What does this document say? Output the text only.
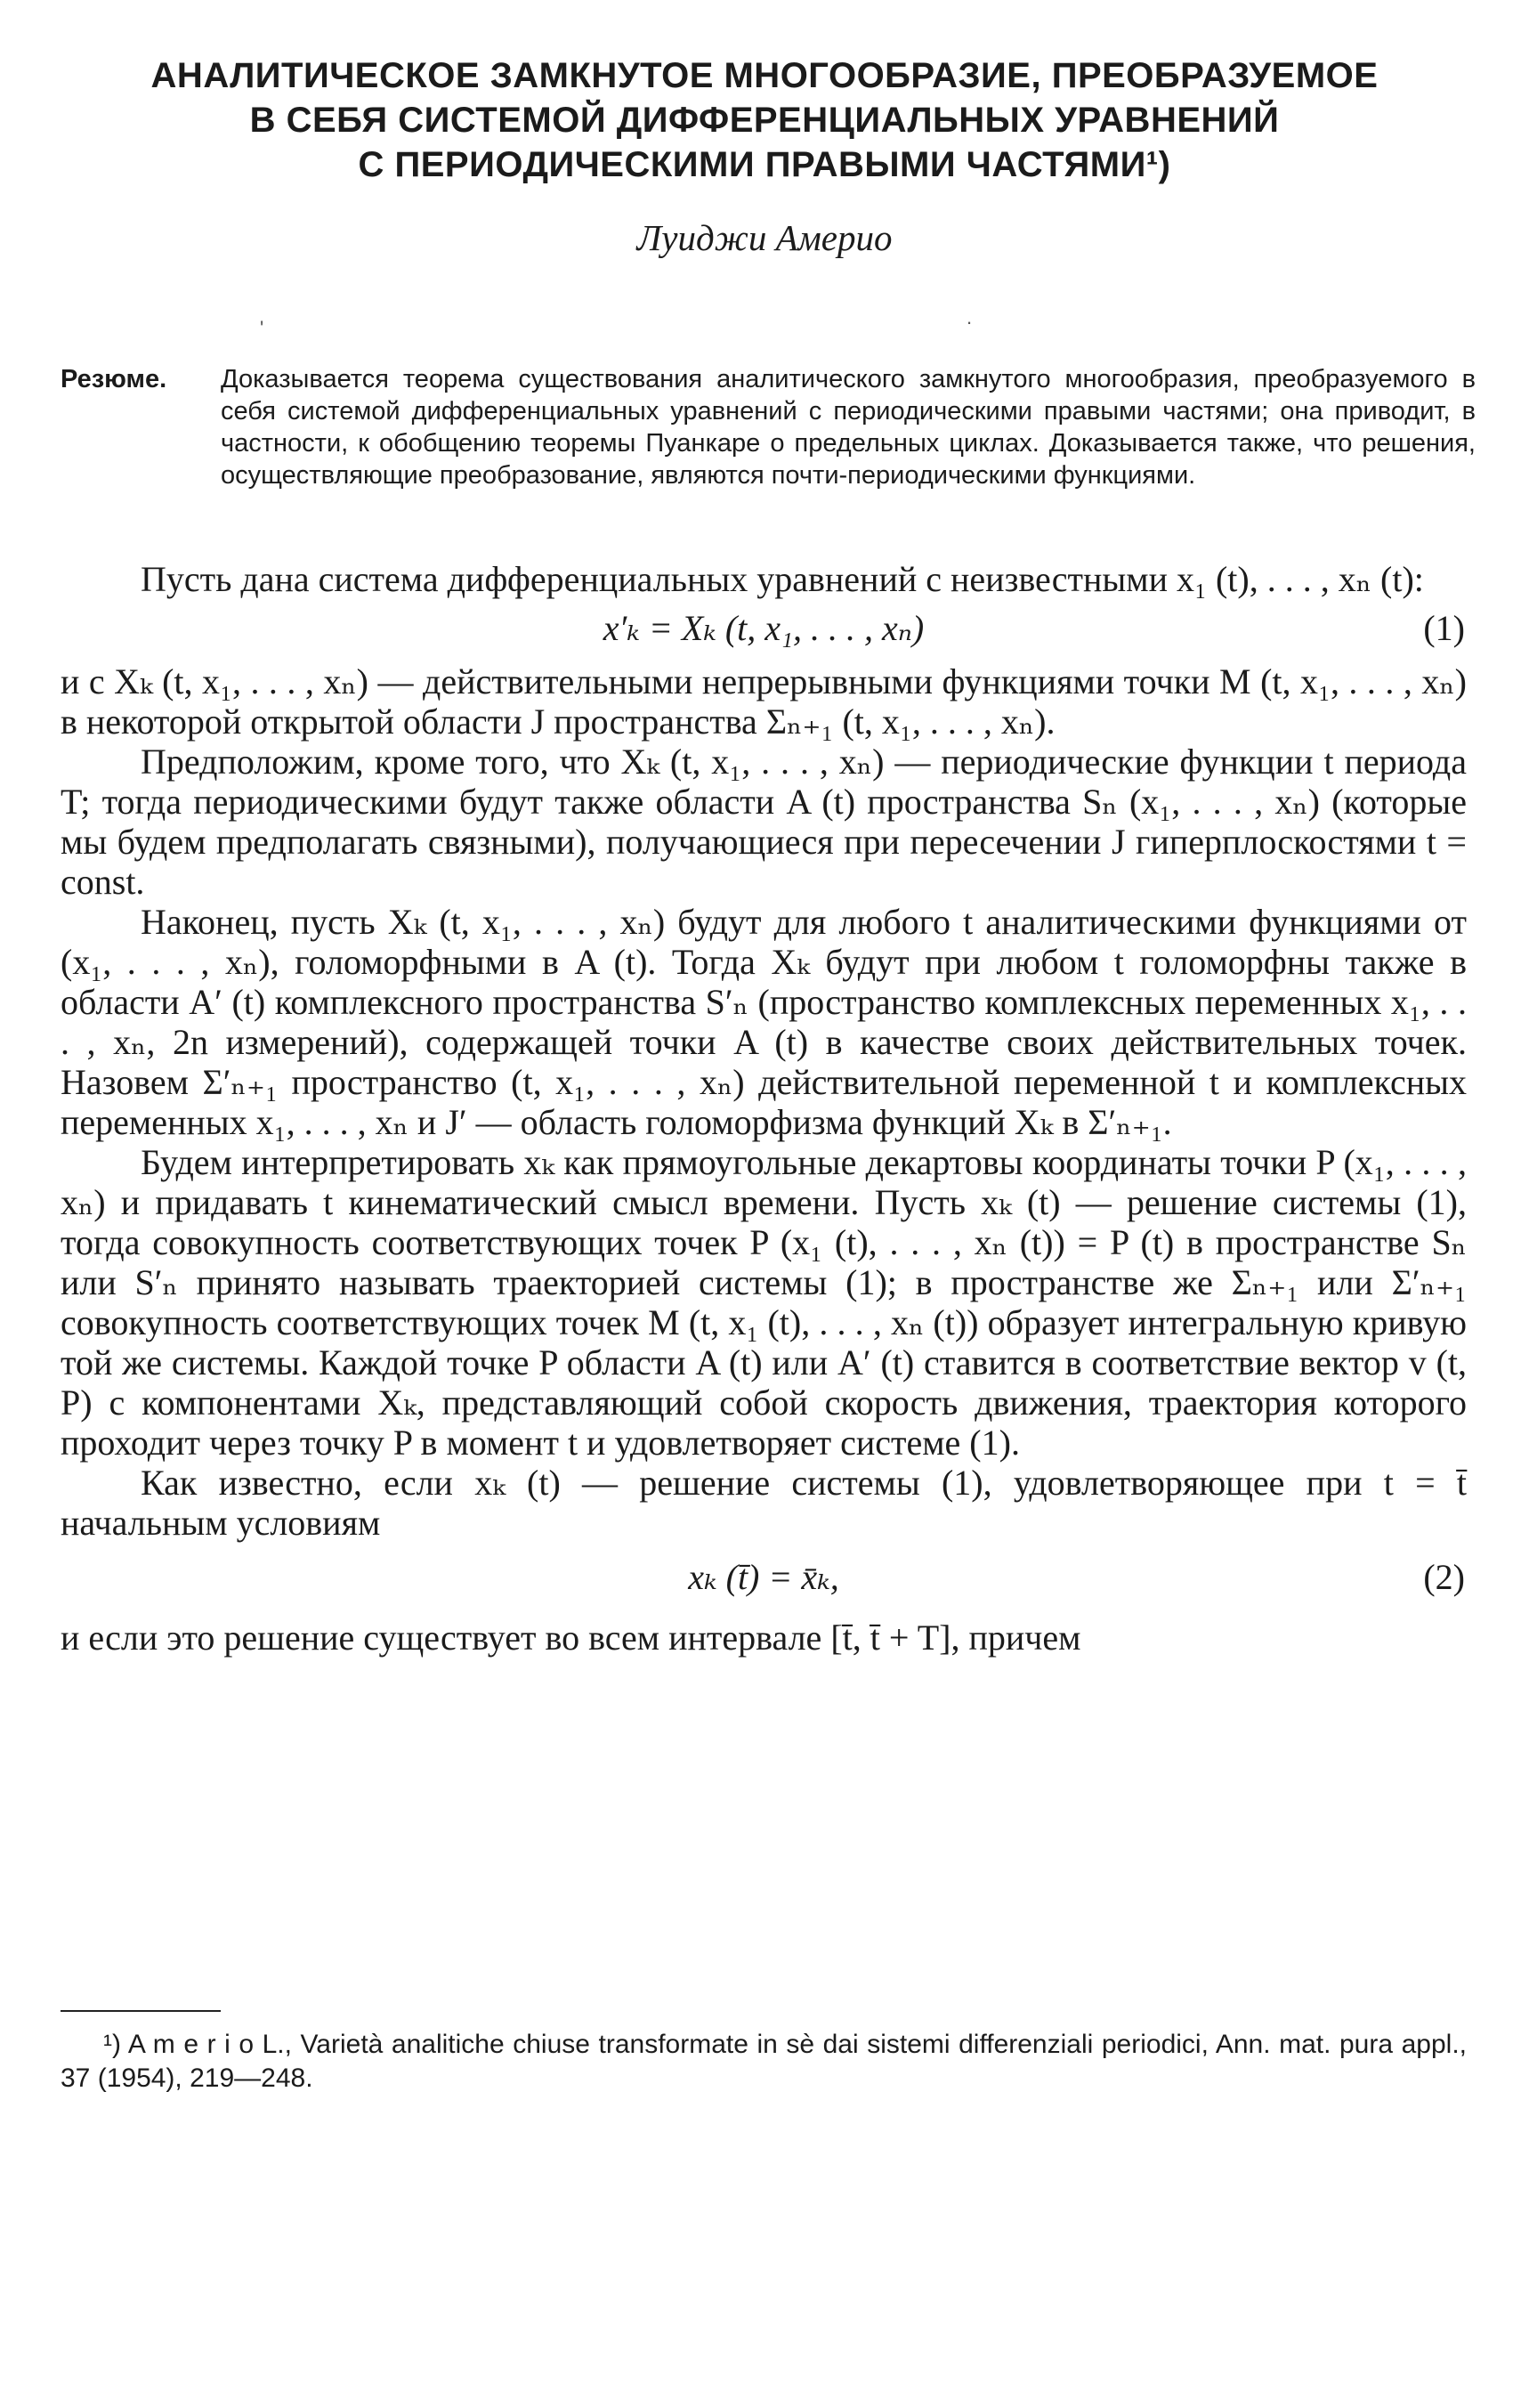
АНАЛИТИЧЕСКОЕ ЗАМКНУТОЕ МНОГООБРАЗИЕ, ПРЕОБРАЗУЕМОЕ
В СЕБЯ СИСТЕМОЙ ДИФФЕРЕНЦИАЛЬНЫХ УРАВНЕНИЙ
С ПЕРИОДИЧЕСКИМИ ПРАВЫМИ ЧАСТЯМИ¹)
Луиджи Америо
'	.
Резюме. Доказывается теорема существования аналитического замкнутого многообразия, преобразуемого в себя системой дифференциальных уравнений с периодическими правыми частями; она приводит, в частности, к обобщению теоремы Пуанкаре о предельных циклах. Доказывается также, что решения, осуществляющие преобразование, являются почти-периодическими функциями.

Пусть дана система дифференциальных уравнений с неизвестными x₁ (t), . . . , xₙ (t):

x′ₖ = Xₖ (t, x₁, . . . , xₙ)	(1)

и с Xₖ (t, x₁, . . . , xₙ) — действительными непрерывными функциями точки M (t, x₁, . . . , xₙ) в некоторой открытой области J пространства Σₙ₊₁ (t, x₁, . . . , xₙ).

Предположим, кроме того, что Xₖ (t, x₁, . . . , xₙ) — периодические функции t периода T; тогда периодическими будут также области A (t) пространства Sₙ (x₁, . . . , xₙ) (которые мы будем предполагать связными), получающиеся при пересечении J гиперплоскостями t = const.

Наконец, пусть Xₖ (t, x₁, . . . , xₙ) будут для любого t аналитическими функциями от (x₁, . . . , xₙ), голоморфными в A (t). Тогда Xₖ будут при любом t голоморфны также в области A′ (t) комплексного пространства S′ₙ (пространство комплексных переменных x₁, . . . , xₙ, 2n измерений), содержащей точки A (t) в качестве своих действительных точек. Назовем Σ′ₙ₊₁ пространство (t, x₁, . . . , xₙ) действительной переменной t и комплексных переменных x₁, . . . , xₙ и J′ — область голоморфизма функций Xₖ в Σ′ₙ₊₁.

Будем интерпретировать xₖ как прямоугольные декартовы координаты точки P (x₁, . . . , xₙ) и придавать t кинематический смысл времени. Пусть xₖ (t) — решение системы (1), тогда совокупность соответствующих точек P (x₁ (t), . . . , xₙ (t)) = P (t) в пространстве Sₙ или S′ₙ принято называть траекторией системы (1); в пространстве же Σₙ₊₁ или Σ′ₙ₊₁ совокупность соответствующих точек M (t, x₁ (t), . . . , xₙ (t)) образует интегральную кривую той же системы. Каждой точке P области A (t) или A′ (t) ставится в соответствие вектор v (t, P) с компонентами Xₖ, представляющий собой скорость движения, траектория которого проходит через точку P в момент t и удовлетворяет системе (1).

Как известно, если xₖ (t) — решение системы (1), удовлетворяющее при t = t̄ начальным условиям

xₖ (t̄) = x̄ₖ,	(2)

и если это решение существует во всем интервале [t̄, t̄ + T], причем

¹) A m e r i o L., Varietà analitiche chiuse transformate in sè dai sistemi differenziali periodici, Ann. mat. pura appl., 37 (1954), 219—248.
